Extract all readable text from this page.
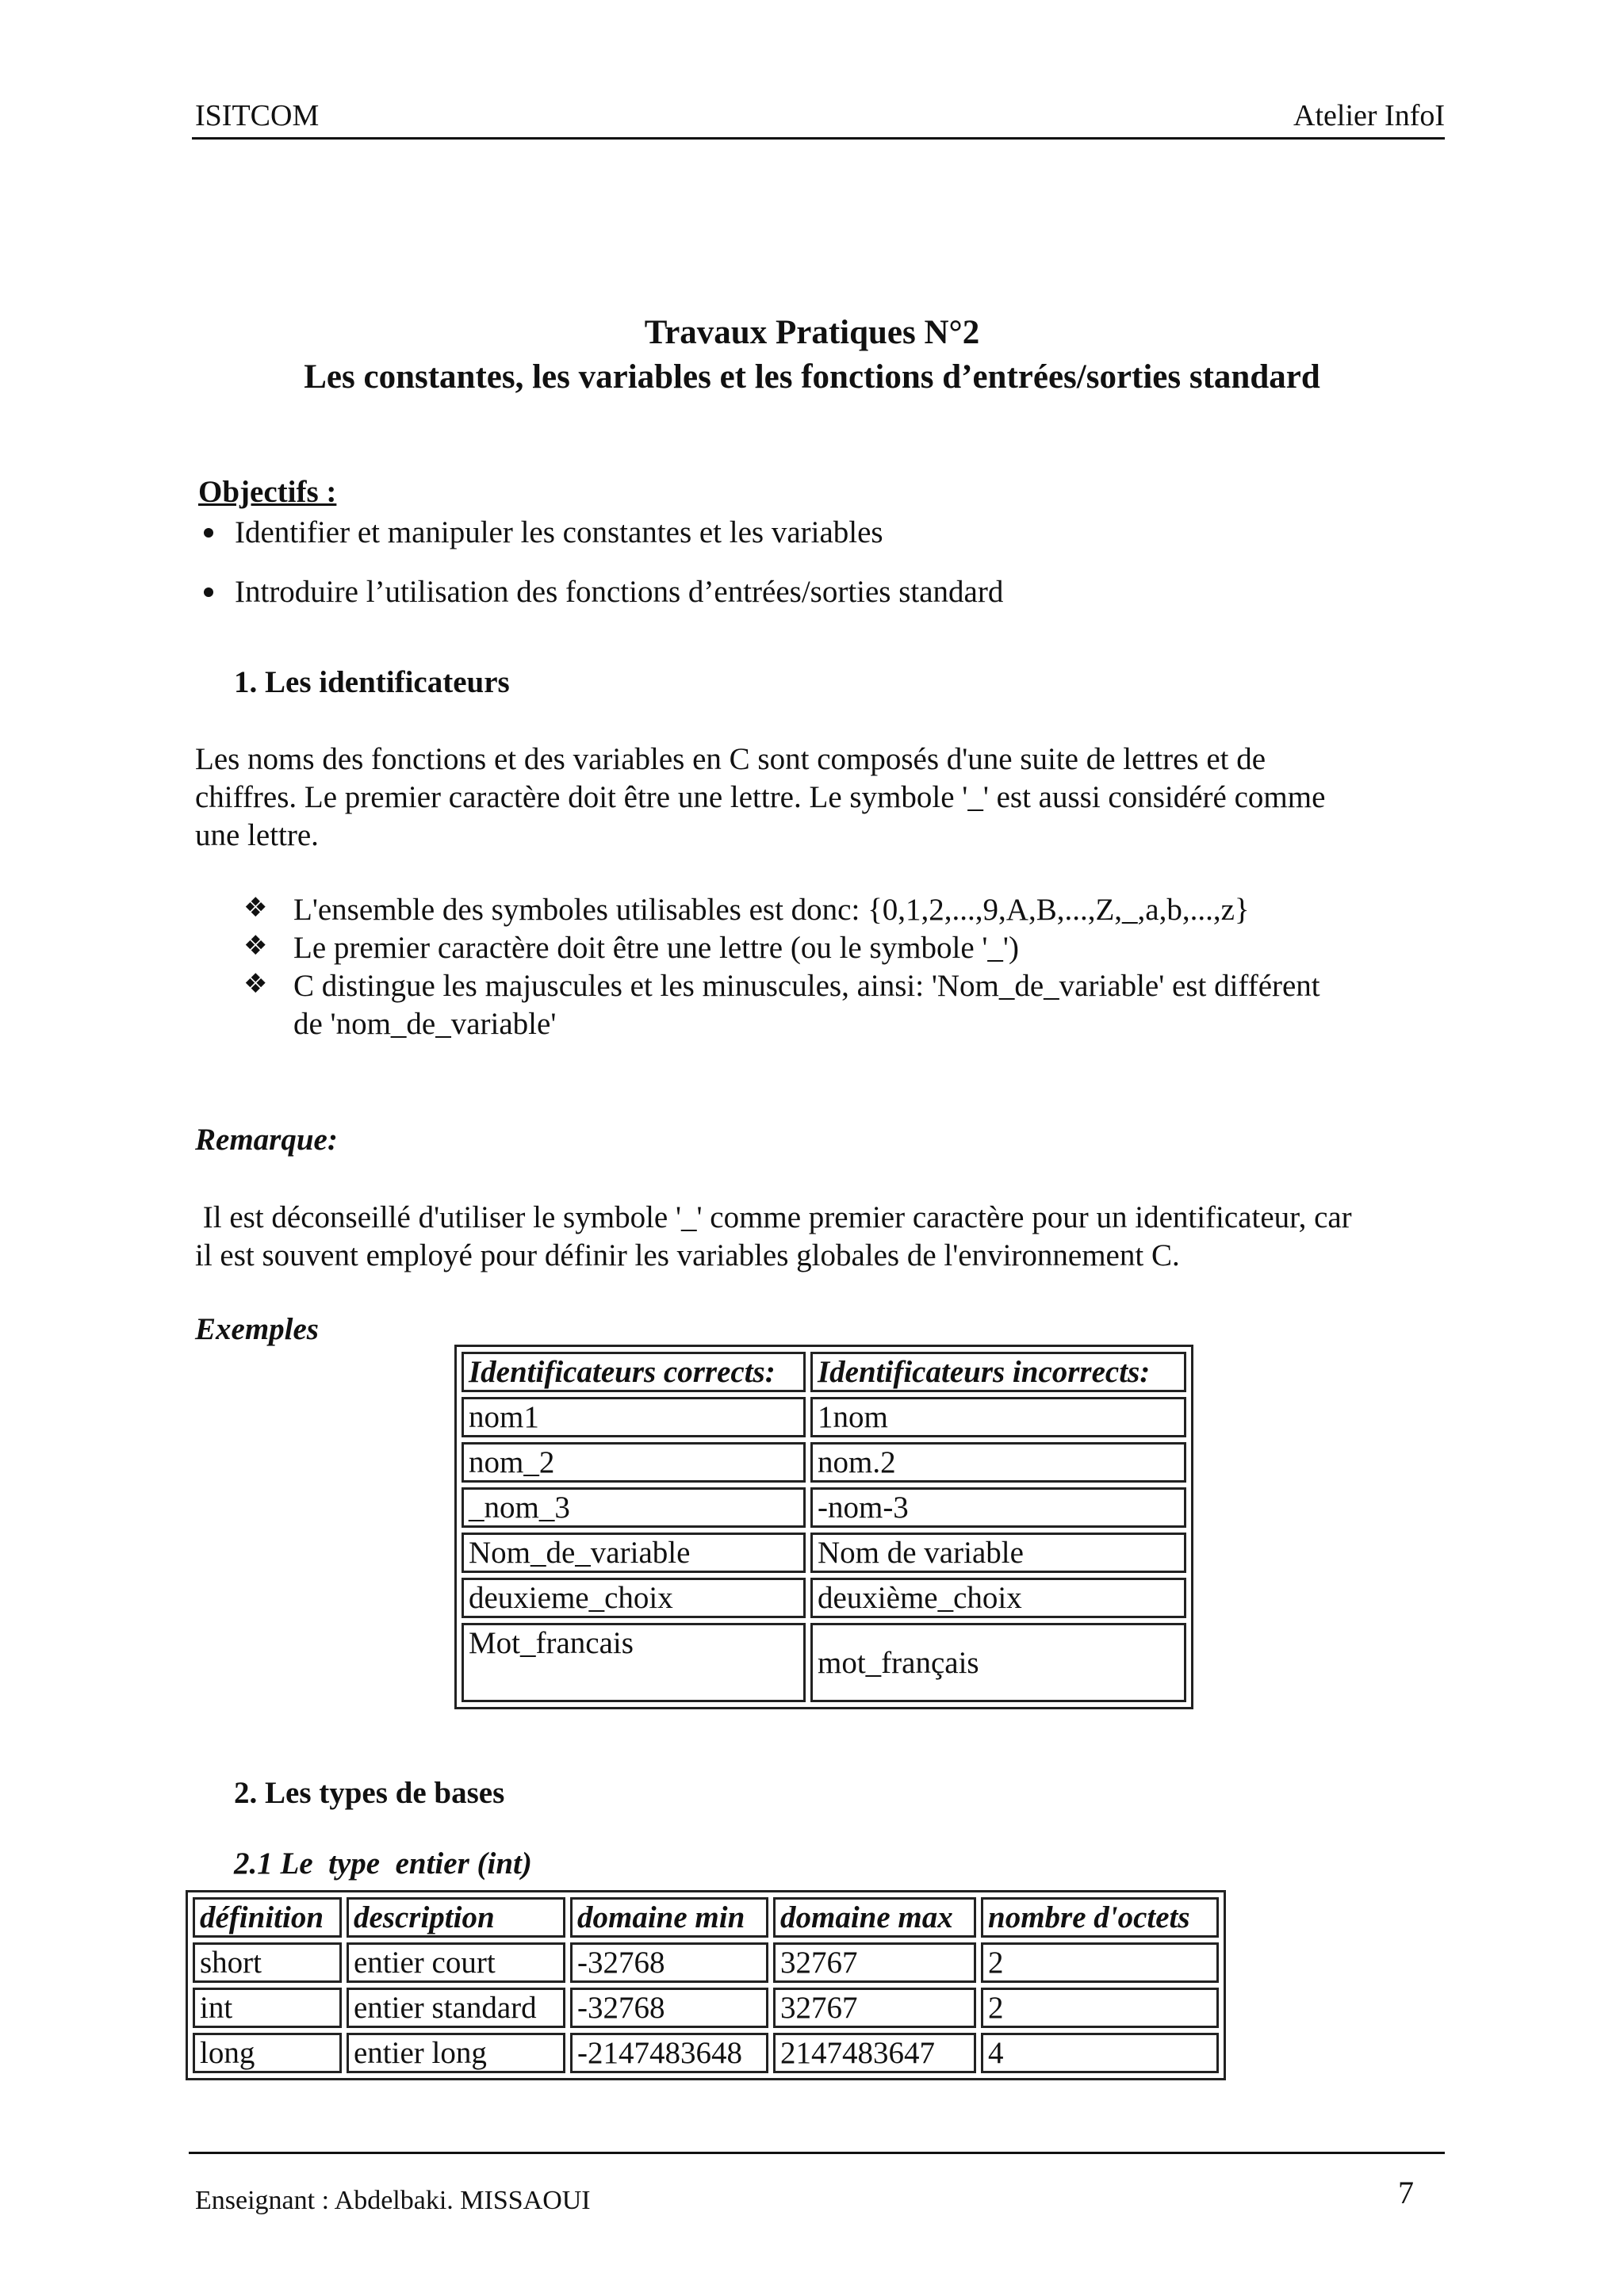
ISITCOM	Atelier InfoI
Travaux Pratiques N°2
Les constantes, les variables et les fonctions d’entrées/sorties standard
Objectifs :
Identifier et manipuler les constantes et les variables
Introduire l’utilisation des fonctions d’entrées/sorties standard
1. Les identificateurs
Les noms des fonctions et des variables en C sont composés d'une suite de lettres et de
chiffres. Le premier caractère doit être une lettre. Le symbole '_' est aussi considéré comme
une lettre.
❖ L'ensemble des symboles utilisables est donc: {0,1,2,...,9,A,B,...,Z,_,a,b,...,z}
❖ Le premier caractère doit être une lettre (ou le symbole '_')
❖ C distingue les majuscules et les minuscules, ainsi: 'Nom_de_variable' est différent
de 'nom_de_variable'
Remarque:
Il est déconseillé d'utiliser le symbole '_' comme premier caractère pour un identificateur, car
il est souvent employé pour définir les variables globales de l'environnement C.
Exemples
Identificateurs corrects:	Identificateurs incorrects:
nom1	1nom
nom_2	nom.2
_nom_3	-nom-3
Nom_de_variable	Nom de variable
deuxieme_choix	deuxième_choix
Mot_francais	mot_français
2. Les types de bases
2.1 Le  type  entier (int)
définition	description	domaine min	domaine max	nombre d'octets
short	entier court	-32768	32767	2
int	entier standard	-32768	32767	2
long	entier long	-2147483648	2147483647	4
Enseignant : Abdelbaki. MISSAOUI	7
